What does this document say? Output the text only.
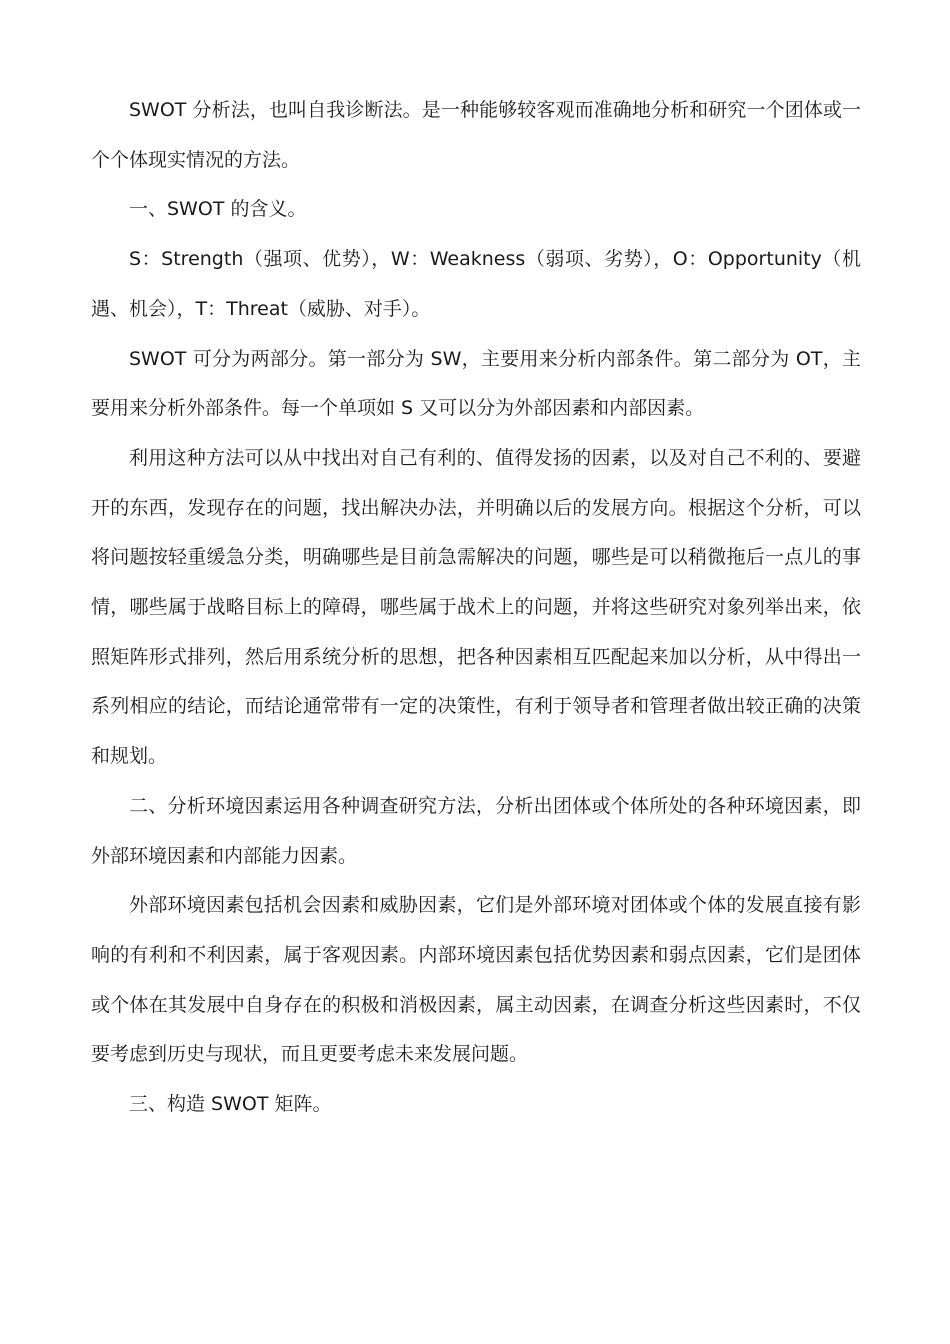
SWOT 分析法，也叫自我诊断法。是一种能够较客观而准确地分析和研究一个团体或一个个体现实情况的方法。

一、SWOT 的含义。

S：Strength（强项、优势），W：Weakness（弱项、劣势），O：Opportunity（机遇、机会），T：Threat（威胁、对手）。

SWOT 可分为两部分。第一部分为 SW，主要用来分析内部条件。第二部分为 OT，主要用来分析外部条件。每一个单项如 S 又可以分为外部因素和内部因素。

利用这种方法可以从中找出对自己有利的、值得发扬的因素，以及对自己不利的、要避开的东西，发现存在的问题，找出解决办法，并明确以后的发展方向。根据这个分析，可以将问题按轻重缓急分类，明确哪些是目前急需解决的问题，哪些是可以稍微拖后一点儿的事情，哪些属于战略目标上的障碍，哪些属于战术上的问题，并将这些研究对象列举出来，依照矩阵形式排列，然后用系统分析的思想，把各种因素相互匹配起来加以分析，从中得出一系列相应的结论，而结论通常带有一定的决策性，有利于领导者和管理者做出较正确的决策和规划。

二、分析环境因素运用各种调查研究方法，分析出团体或个体所处的各种环境因素，即外部环境因素和内部能力因素。

外部环境因素包括机会因素和威胁因素，它们是外部环境对团体或个体的发展直接有影响的有利和不利因素，属于客观因素。内部环境因素包括优势因素和弱点因素，它们是团体或个体在其发展中自身存在的积极和消极因素，属主动因素，在调查分析这些因素时，不仅要考虑到历史与现状，而且更要考虑未来发展问题。

三、构造 SWOT 矩阵。
